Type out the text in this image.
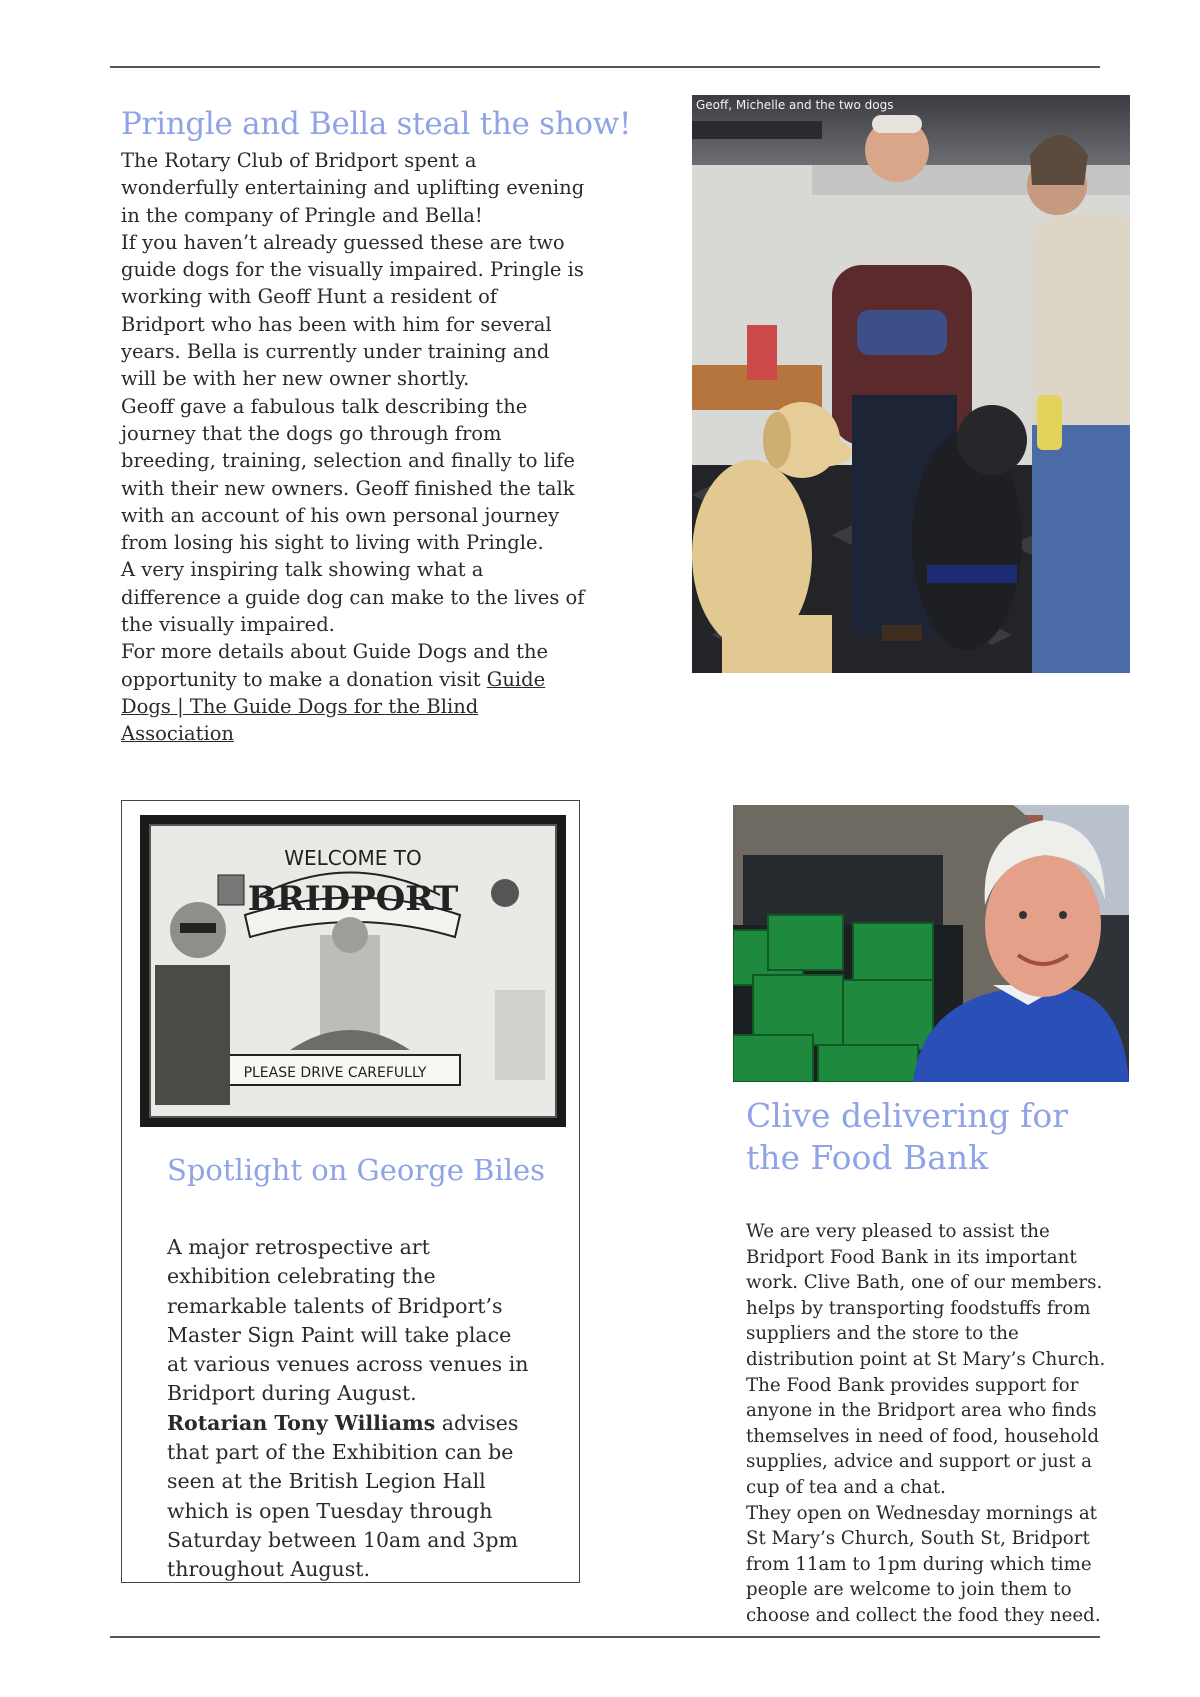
Pringle and Bella steal the show!
The Rotary Club of Bridport spent a wonderfully entertaining and uplifting evening in the company of Pringle and Bella!
If you haven’t already guessed these are two guide dogs for the visually impaired. Pringle is working with Geoff Hunt a resident of Bridport who has been with him for several years. Bella is currently under training and will be with her new owner shortly.
Geoff gave a fabulous talk describing the journey that the dogs go through from breeding, training, selection and finally to life with their new owners. Geoff finished the talk with an account of his own personal journey from losing his sight to living with Pringle.
A very inspiring talk showing what a difference a guide dog can make to the lives of the visually impaired.
For more details about Guide Dogs and the opportunity to make a donation visit Guide Dogs | The Guide Dogs for the Blind Association
Geoff, Michelle and the two dogs
WELCOME TO
BRIDPORT
PLEASE DRIVE CAREFULLY
Spotlight on George Biles
A major retrospective art exhibition celebrating the remarkable talents of Bridport’s Master Sign Paint will take place at various venues across venues in Bridport during August.
Rotarian Tony Williams advises that part of the Exhibition can be seen at the British Legion Hall which is open Tuesday through Saturday between 10am and 3pm throughout August.
Clive delivering for the Food Bank
We are very pleased to assist the Bridport Food Bank in its important work. Clive Bath, one of our members. helps by transporting foodstuffs from suppliers and the store to the distribution point at St Mary’s Church. The Food Bank provides support for anyone in the Bridport area who finds themselves in need of food, household supplies, advice and support or just a cup of tea and a chat.
They open on Wednesday mornings at St Mary’s Church, South St, Bridport from 11am to 1pm during which time people are welcome to join them to choose and collect the food they need.
